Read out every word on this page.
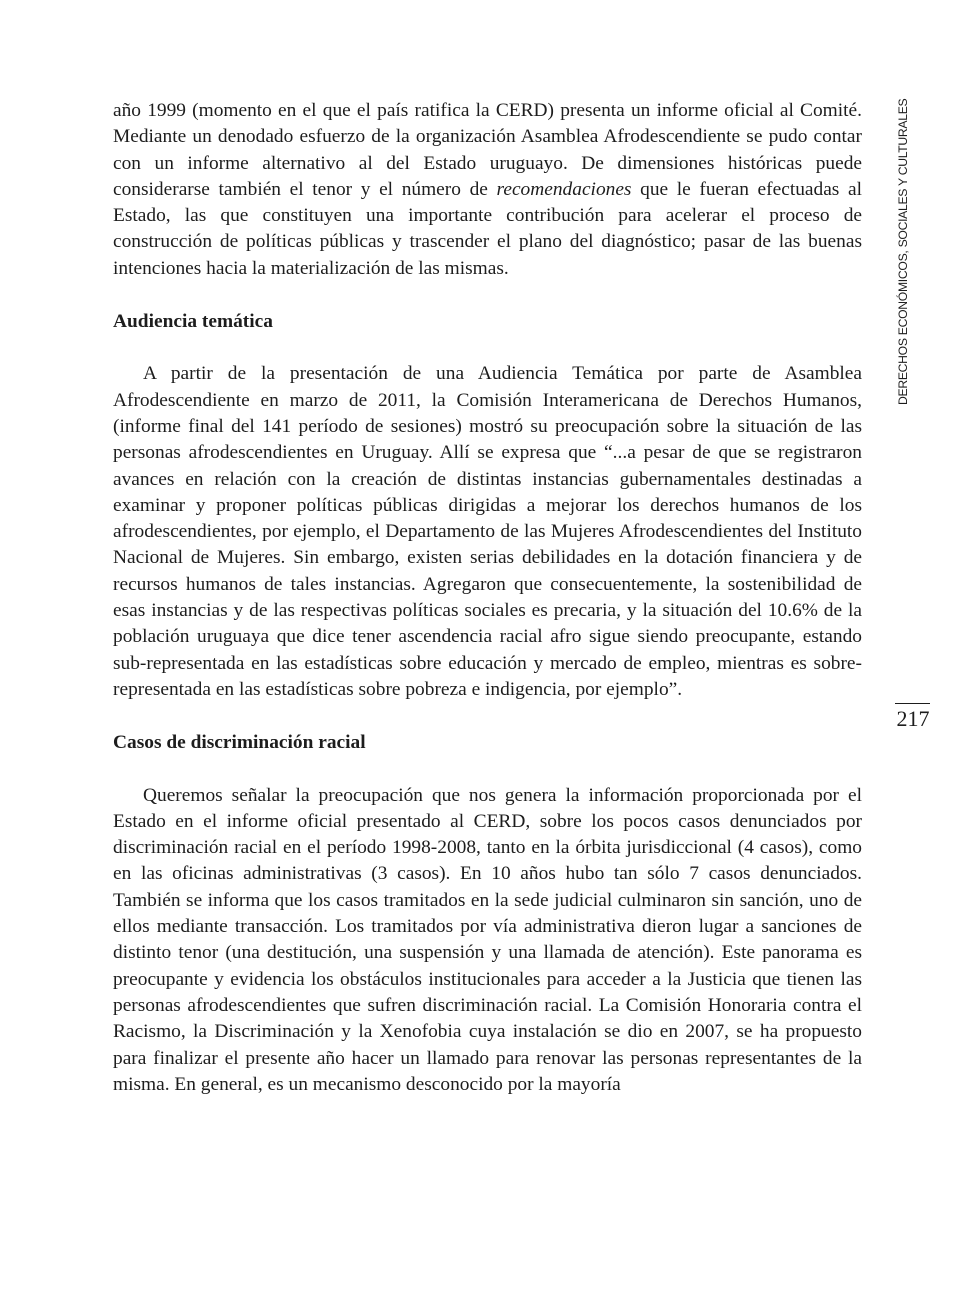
año 1999 (momento en el que el país ratifica la CERD) presenta un informe oficial al Comité. Mediante un denodado esfuerzo de la organización Asamblea Afrodescendiente se pudo contar con un informe alternativo al del Estado uruguayo. De dimensiones históricas puede considerarse también el tenor y el número de recomendaciones que le fueran efectuadas al Estado, las que constituyen una importante contribución para acelerar el proceso de construcción de políticas públicas y trascender el plano del diagnóstico; pasar de las buenas intenciones hacia la materialización de las mismas.

Audiencia temática

A partir de la presentación de una Audiencia Temática por parte de Asamblea Afrodescendiente en marzo de 2011, la Comisión Interamericana de Derechos Humanos, (informe final del 141 período de sesiones) mostró su preocupación sobre la situación de las personas afrodescendientes en Uruguay. Allí se expresa que “...a pesar de que se registraron avances en relación con la creación de distintas instancias gubernamentales destinadas a examinar y proponer políticas públicas dirigidas a mejorar los derechos humanos de los afrodescendientes, por ejemplo, el Departamento de las Mujeres Afrodescendientes del Instituto Nacional de Mujeres. Sin embargo, existen serias debilidades en la dotación financiera y de recursos humanos de tales instancias. Agregaron que consecuentemente, la sostenibilidad de esas instancias y de las respectivas políticas sociales es precaria, y la situación del 10.6% de la población uruguaya que dice tener ascendencia racial afro sigue siendo preocupante, estando sub-representada en las estadísticas sobre educación y mercado de empleo, mientras es sobre-representada en las estadísticas sobre pobreza e indigencia, por ejemplo”.

Casos de discriminación racial

Queremos señalar la preocupación que nos genera la información proporcionada por el Estado en el informe oficial presentado al CERD, sobre los pocos casos denunciados por discriminación racial en el período 1998-2008, tanto en la órbita jurisdiccional (4 casos), como en las oficinas administrativas (3 casos). En 10 años hubo tan sólo 7 casos denunciados. También se informa que los casos tramitados en la sede judicial culminaron sin sanción, uno de ellos mediante transacción. Los tramitados por vía administrativa dieron lugar a sanciones de distinto tenor (una destitución, una suspensión y una llamada de atención). Este panorama es preocupante y evidencia los obstáculos institucionales para acceder a la Justicia que tienen las personas afrodescendientes que sufren discriminación racial. La Comisión Honoraria contra el Racismo, la Discriminación y la Xenofobia cuya instalación se dio en 2007, se ha propuesto para finalizar el presente año hacer un llamado para renovar las personas representantes de la misma. En general, es un mecanismo desconocido por la mayoría

DERECHOS ECONÓMICOS, SOCIALES Y CULTURALES
217
